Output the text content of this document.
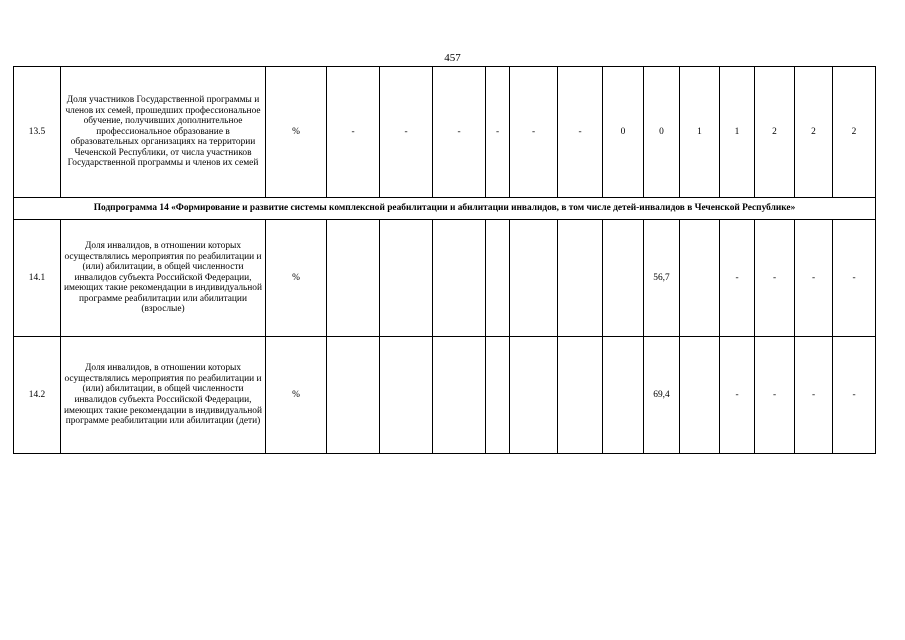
457
13.5	Доля участников Государственной программы и членов их семей, прошедших профессиональное обучение, получивших дополнительное профессиональное образование в образовательных организациях на территории Чеченской Республики, от числа участников Государственной программы и членов их семей	%	-	-	-	-	-	-	0	0	1	1	2	2	2
Подпрограмма 14 «Формирование и развитие системы комплексной реабилитации и абилитации инвалидов, в том числе детей-инвалидов в Чеченской Республике»															
14.1	Доля инвалидов, в отношении которых осуществлялись мероприятия по реабилитации и (или) абилитации, в общей численности инвалидов субъекта Российской Федерации, имеющих такие рекомендации в индивидуальной программе реабилитации или абилитации (взрослые)	%								56,7		-	-	-	-
14.2	Доля инвалидов, в отношении которых осуществлялись мероприятия по реабилитации и (или) абилитации, в общей численности инвалидов субъекта Российской Федерации, имеющих такие рекомендации в индивидуальной программе реабилитации или абилитации (дети)	%								69,4		-	-	-	-
